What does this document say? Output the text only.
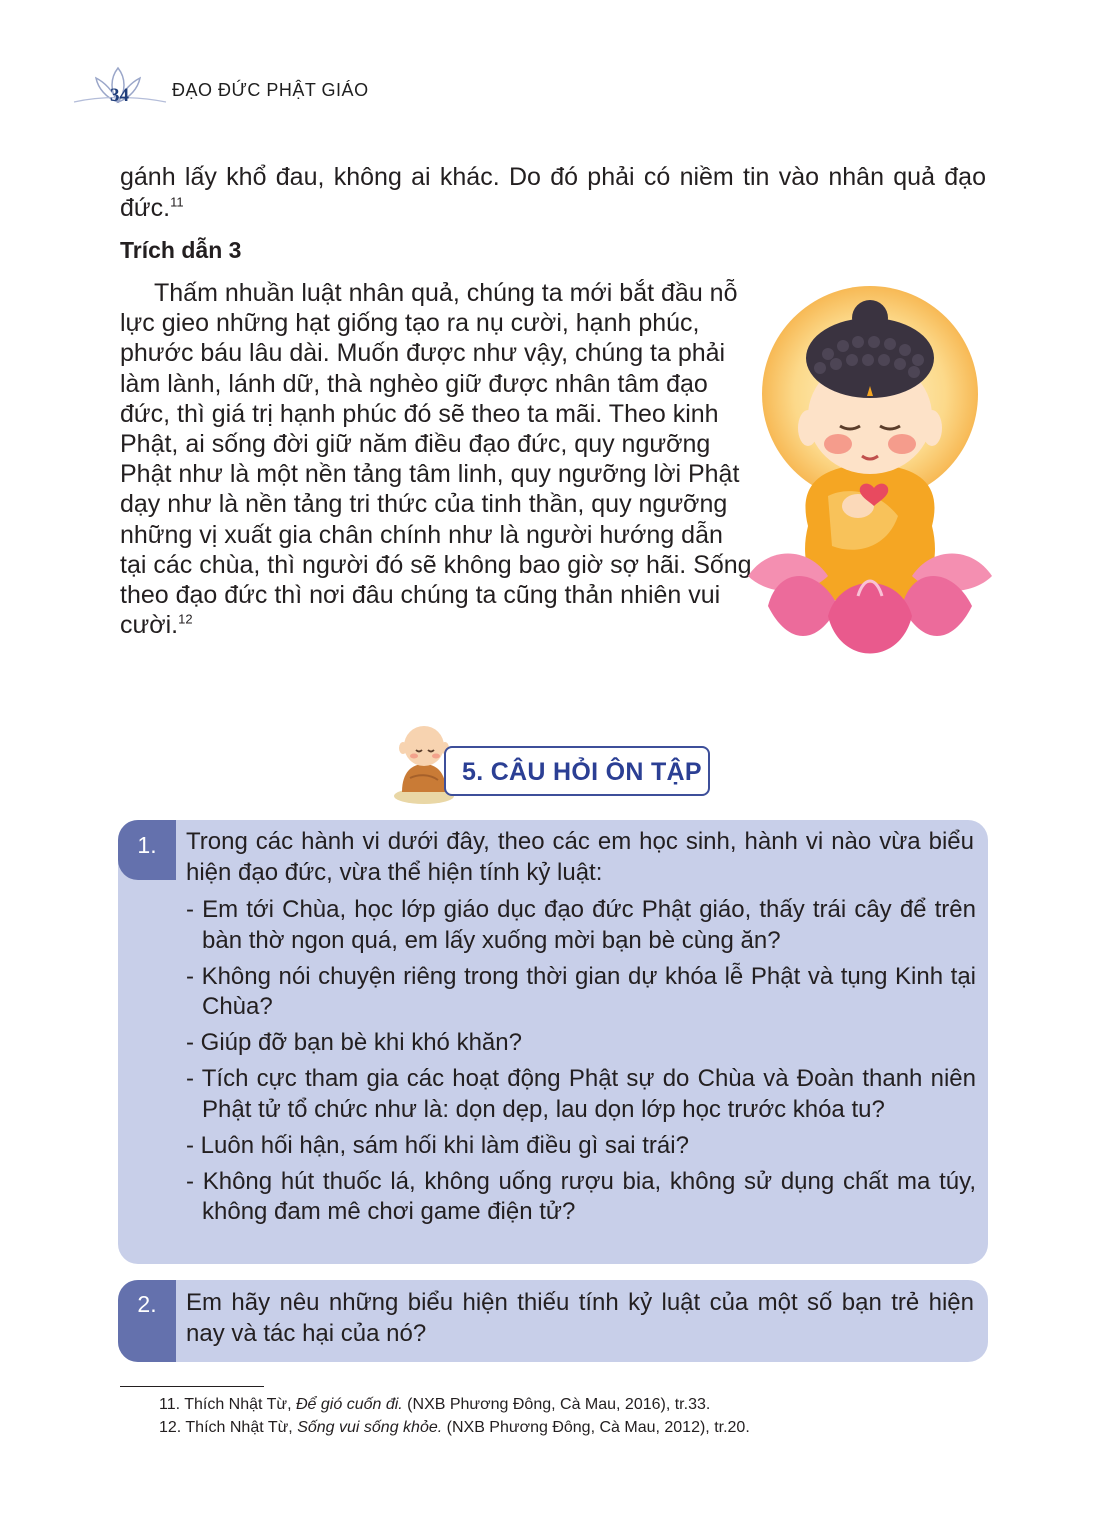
34 ĐẠO ĐỨC PHẬT GIÁO

gánh lấy khổ đau, không ai khác. Do đó phải có niềm tin vào nhân quả đạo đức.$^{11}$

Trích dẫn 3

Thấm nhuần luật nhân quả, chúng ta mới bắt đầu nỗ lực gieo những hạt giống tạo ra nụ cười, hạnh phúc, phước báu lâu dài. Muốn được như vậy, chúng ta phải làm lành, lánh dữ, thà nghèo giữ được nhân tâm đạo đức, thì giá trị hạnh phúc đó sẽ theo ta mãi. Theo kinh Phật, ai sống đời giữ năm điều đạo đức, quy ngưỡng Phật như là một nền tảng tâm linh, quy ngưỡng lời Phật dạy như là nền tảng tri thức của tinh thần, quy ngưỡng những vị xuất gia chân chính như là người hướng dẫn tại các chùa, thì người đó sẽ không bao giờ sợ hãi. Sống theo đạo đức thì nơi đâu chúng ta cũng thản nhiên vui cười.$^{12}$

5. CÂU HỎI ÔN TẬP
1.	Trong các hành vi dưới đây, theo các em học sinh, hành vi nào vừa biểu hiện đạo đức, vừa thể hiện tính kỷ luật:

- Em tới Chùa, học lớp giáo dục đạo đức Phật giáo, thấy trái cây để trên bàn thờ ngon quá, em lấy xuống mời bạn bè cùng ăn?
- Không nói chuyện riêng trong thời gian dự khóa lễ Phật và tụng Kinh tại Chùa?
- Giúp đỡ bạn bè khi khó khăn?
- Tích cực tham gia các hoạt động Phật sự do Chùa và Đoàn thanh niên Phật tử tổ chức như là: dọn dẹp, lau dọn lớp học trước khóa tu?
- Luôn hối hận, sám hối khi làm điều gì sai trái?
- Không hút thuốc lá, không uống rượu bia, không sử dụng chất ma túy, không đam mê chơi game điện tử?
2.	Em hãy nêu những biểu hiện thiếu tính kỷ luật của một số bạn trẻ hiện nay và tác hại của nó?

11. Thích Nhật Từ, Để gió cuốn đi. (NXB Phương Đông, Cà Mau, 2016), tr.33.

12. Thích Nhật Từ, Sống vui sống khỏe. (NXB Phương Đông, Cà Mau, 2012), tr.20.
